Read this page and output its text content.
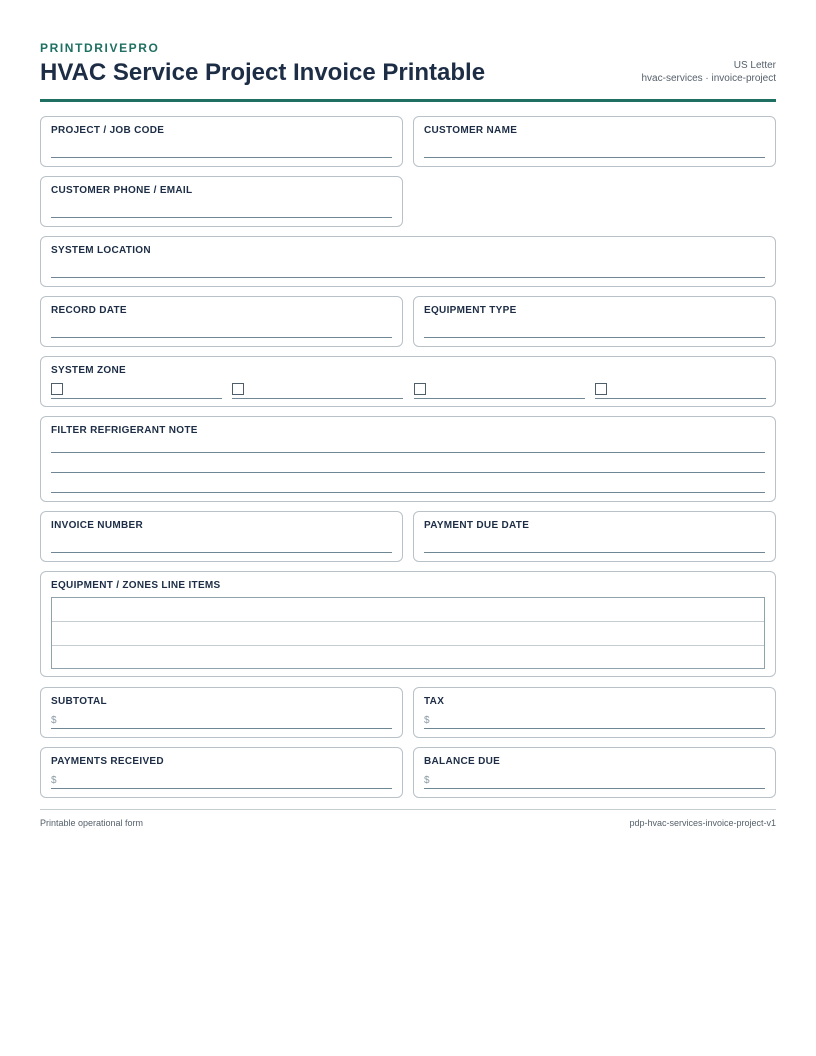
PRINTDRIVEPRO
HVAC Service Project Invoice Printable	US Letter
hvac-services · invoice-project
PROJECT / JOB CODE	CUSTOMER NAME
CUSTOMER PHONE / EMAIL
SYSTEM LOCATION
RECORD DATE	EQUIPMENT TYPE
SYSTEM ZONE
FILTER REFRIGERANT NOTE
INVOICE NUMBER	PAYMENT DUE DATE
EQUIPMENT / ZONES LINE ITEMS
SUBTOTAL
$
TAX
$
PAYMENTS RECEIVED
$
BALANCE DUE
$
Printable operational form	pdp-hvac-services-invoice-project-v1
